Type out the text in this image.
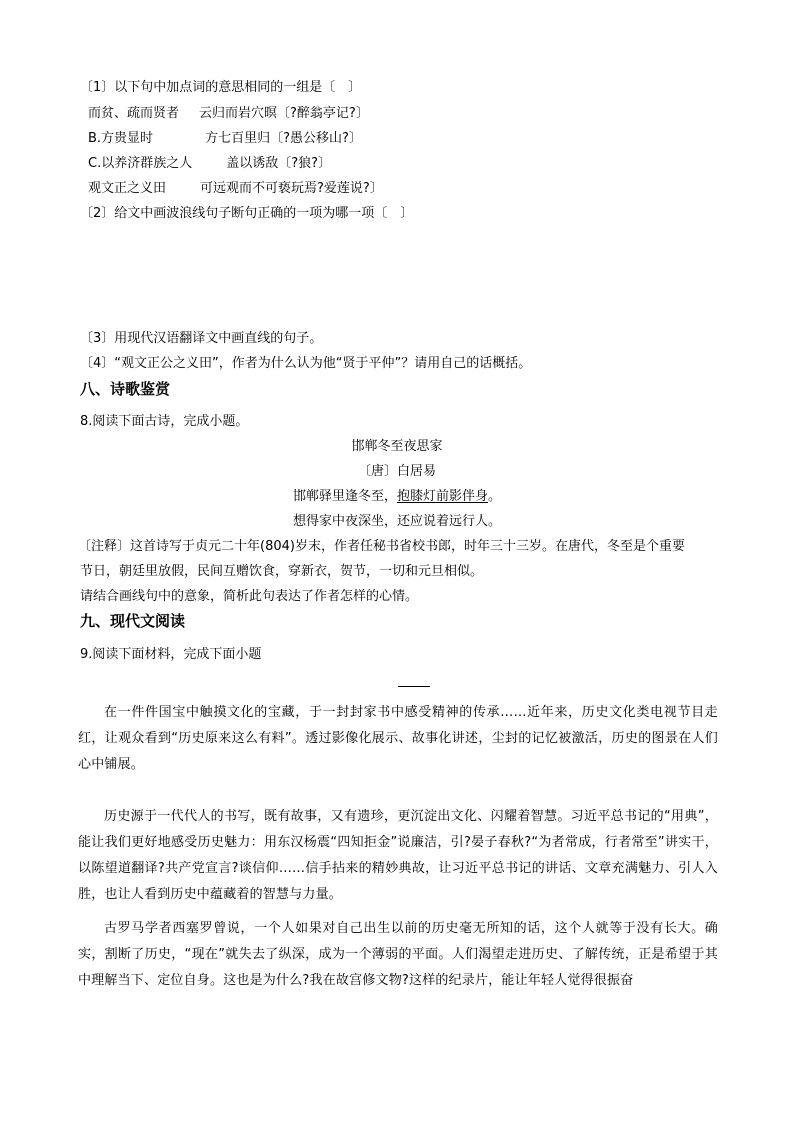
〔1〕以下句中加点词的意思相同的一组是〔　〕
而贫、疏而贤者 云归而岩穴暝〔?醉翁亭记?〕
B.方贵显时	方七百里归〔?愚公移山?〕
C.以养济群族之人	盖以诱敌〔?狼?〕
观文正之义田	可远观而不可亵玩焉?爱莲说?〕
〔2〕给文中画波浪线句子断句正确的一项为哪一项〔　〕
〔3〕用现代汉语翻译文中画直线的句子。
〔4〕“观文正公之义田”，作者为什么认为他“贤于平仲”？请用自己的话概括。
八、诗歌鉴赏
8.阅读下面古诗，完成小题。
邯郸冬至夜思家
〔唐〕白居易
邯郸驿里逢冬至，抱膝灯前影伴身。
想得家中夜深坐，还应说着远行人。
〔注释〕这首诗写于贞元二十年(804)岁末，作者任秘书省校书郎，时年三十三岁。在唐代，冬至是个重要
节日，朝廷里放假，民间互赠饮食，穿新衣，贺节，一切和元旦相似。
请结合画线句中的意象，简析此句表达了作者怎样的心情。
九、现代文阅读
9.阅读下面材料，完成下面小题
在一件件国宝中触摸文化的宝藏，于一封封家书中感受精神的传承……近年来，历史文化类电视节目走红，让观众看到“历史原来这么有料”。透过影像化展示、故事化讲述，尘封的记忆被激活，历史的图景在人们心中铺展。
历史源于一代代人的书写，既有故事，又有遗珍，更沉淀出文化、闪耀着智慧。习近平总书记的“用典”，能让我们更好地感受历史魅力：用东汉杨震“四知拒金”说廉洁，引?晏子春秋?“为者常成，行者常至”讲实干，以陈望道翻译?共产党宣言?谈信仰……信手拈来的精妙典故，让习近平总书记的讲话、文章充满魅力、引人入胜，也让人看到历史中蕴藏着的智慧与力量。
古罗马学者西塞罗曾说，一个人如果对自己出生以前的历史毫无所知的话，这个人就等于没有长大。确实，割断了历史，“现在”就失去了纵深，成为一个薄弱的平面。人们渴望走进历史、了解传统，正是希望于其中理解当下、定位自身。这也是为什么?我在故宫修文物?这样的纪录片，能让年轻人觉得很振奋
